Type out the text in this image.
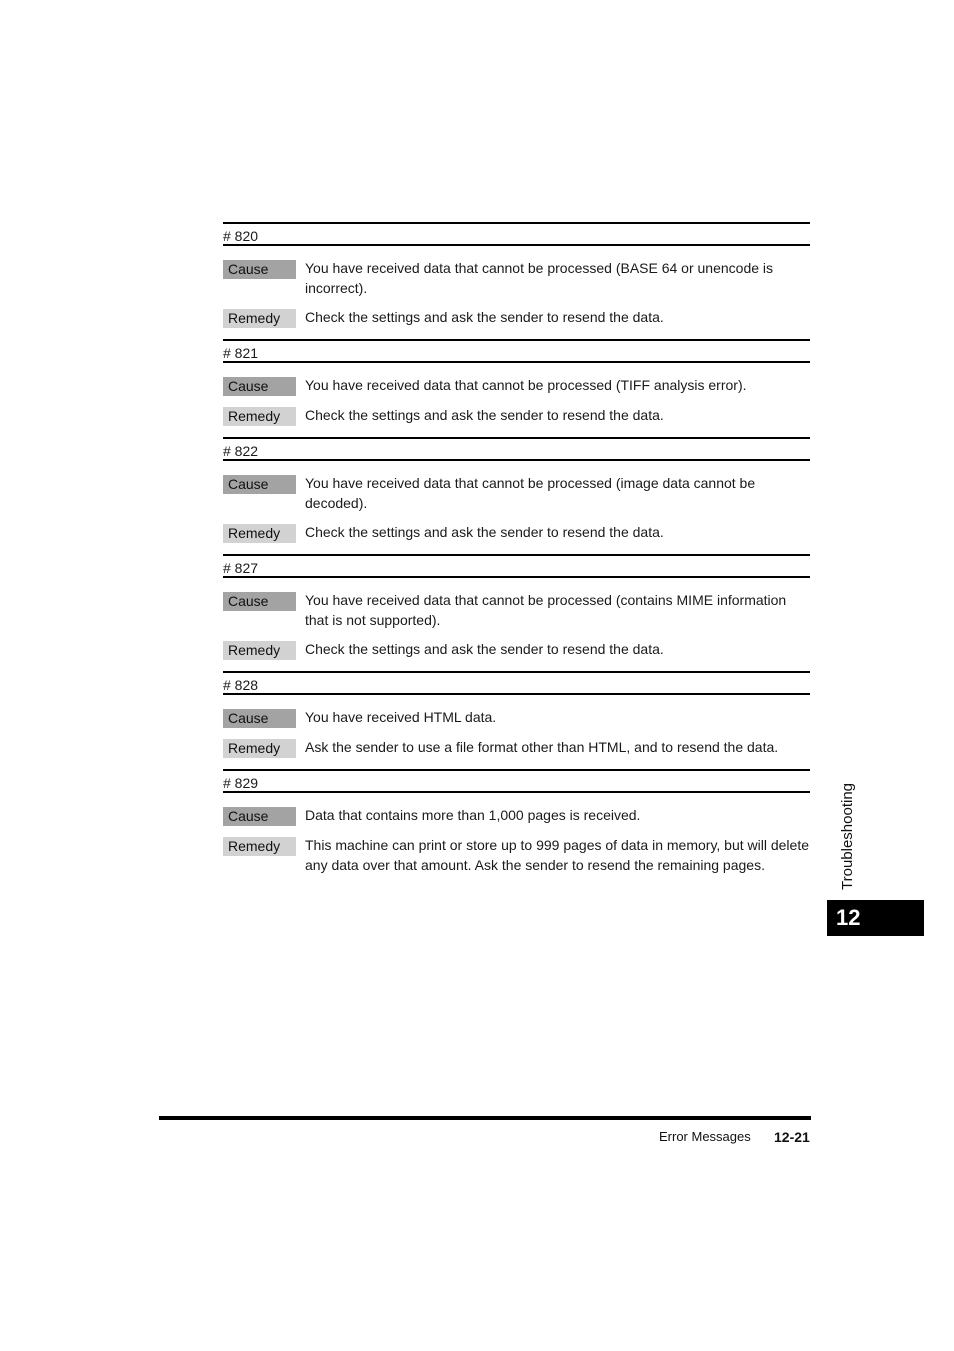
# 820
Cause	You have received data that cannot be processed (BASE 64 or unencode is incorrect).
Remedy	Check the settings and ask the sender to resend the data.
# 821
Cause	You have received data that cannot be processed (TIFF analysis error).
Remedy	Check the settings and ask the sender to resend the data.
# 822
Cause	You have received data that cannot be processed (image data cannot be decoded).
Remedy	Check the settings and ask the sender to resend the data.
# 827
Cause	You have received data that cannot be processed (contains MIME information that is not supported).
Remedy	Check the settings and ask the sender to resend the data.
# 828
Cause	You have received HTML data.
Remedy	Ask the sender to use a file format other than HTML, and to resend the data.
# 829
Cause	Data that contains more than 1,000 pages is received.
Remedy	This machine can print or store up to 999 pages of data in memory, but will delete any data over that amount. Ask the sender to resend the remaining pages.	Troubleshooting
12
Error Messages 12-21
